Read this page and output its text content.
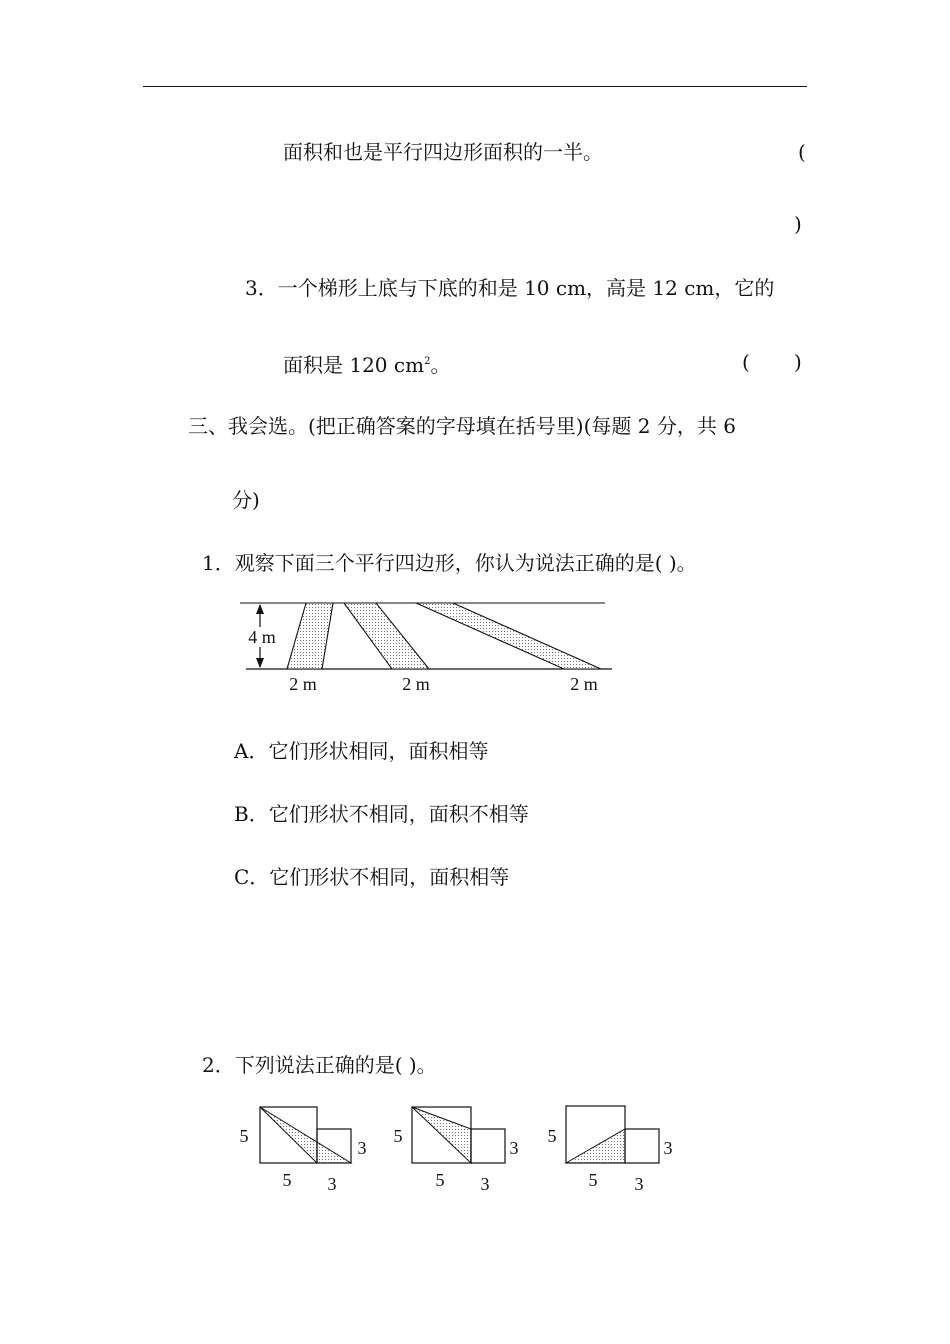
面积和也是平行四边形面积的一半。	(
)
3．一个梯形上底与下底的和是 10 cm，高是 12 cm，它的
面积是 120 $cm^2$。	( )
三、我会选。(把正确答案的字母填在括号里)(每题 2 分，共 6
分)
1．观察下面三个平行四边形，你认为说法正确的是( )。
4 m
2 m	2 m	2 m
A．它们形状相同，面积相等
B．它们形状不相同，面积不相等
C．它们形状不相同，面积相等
2．下列说法正确的是( )。
5
5
3
3
5
5
3
3
5
5
3
3
